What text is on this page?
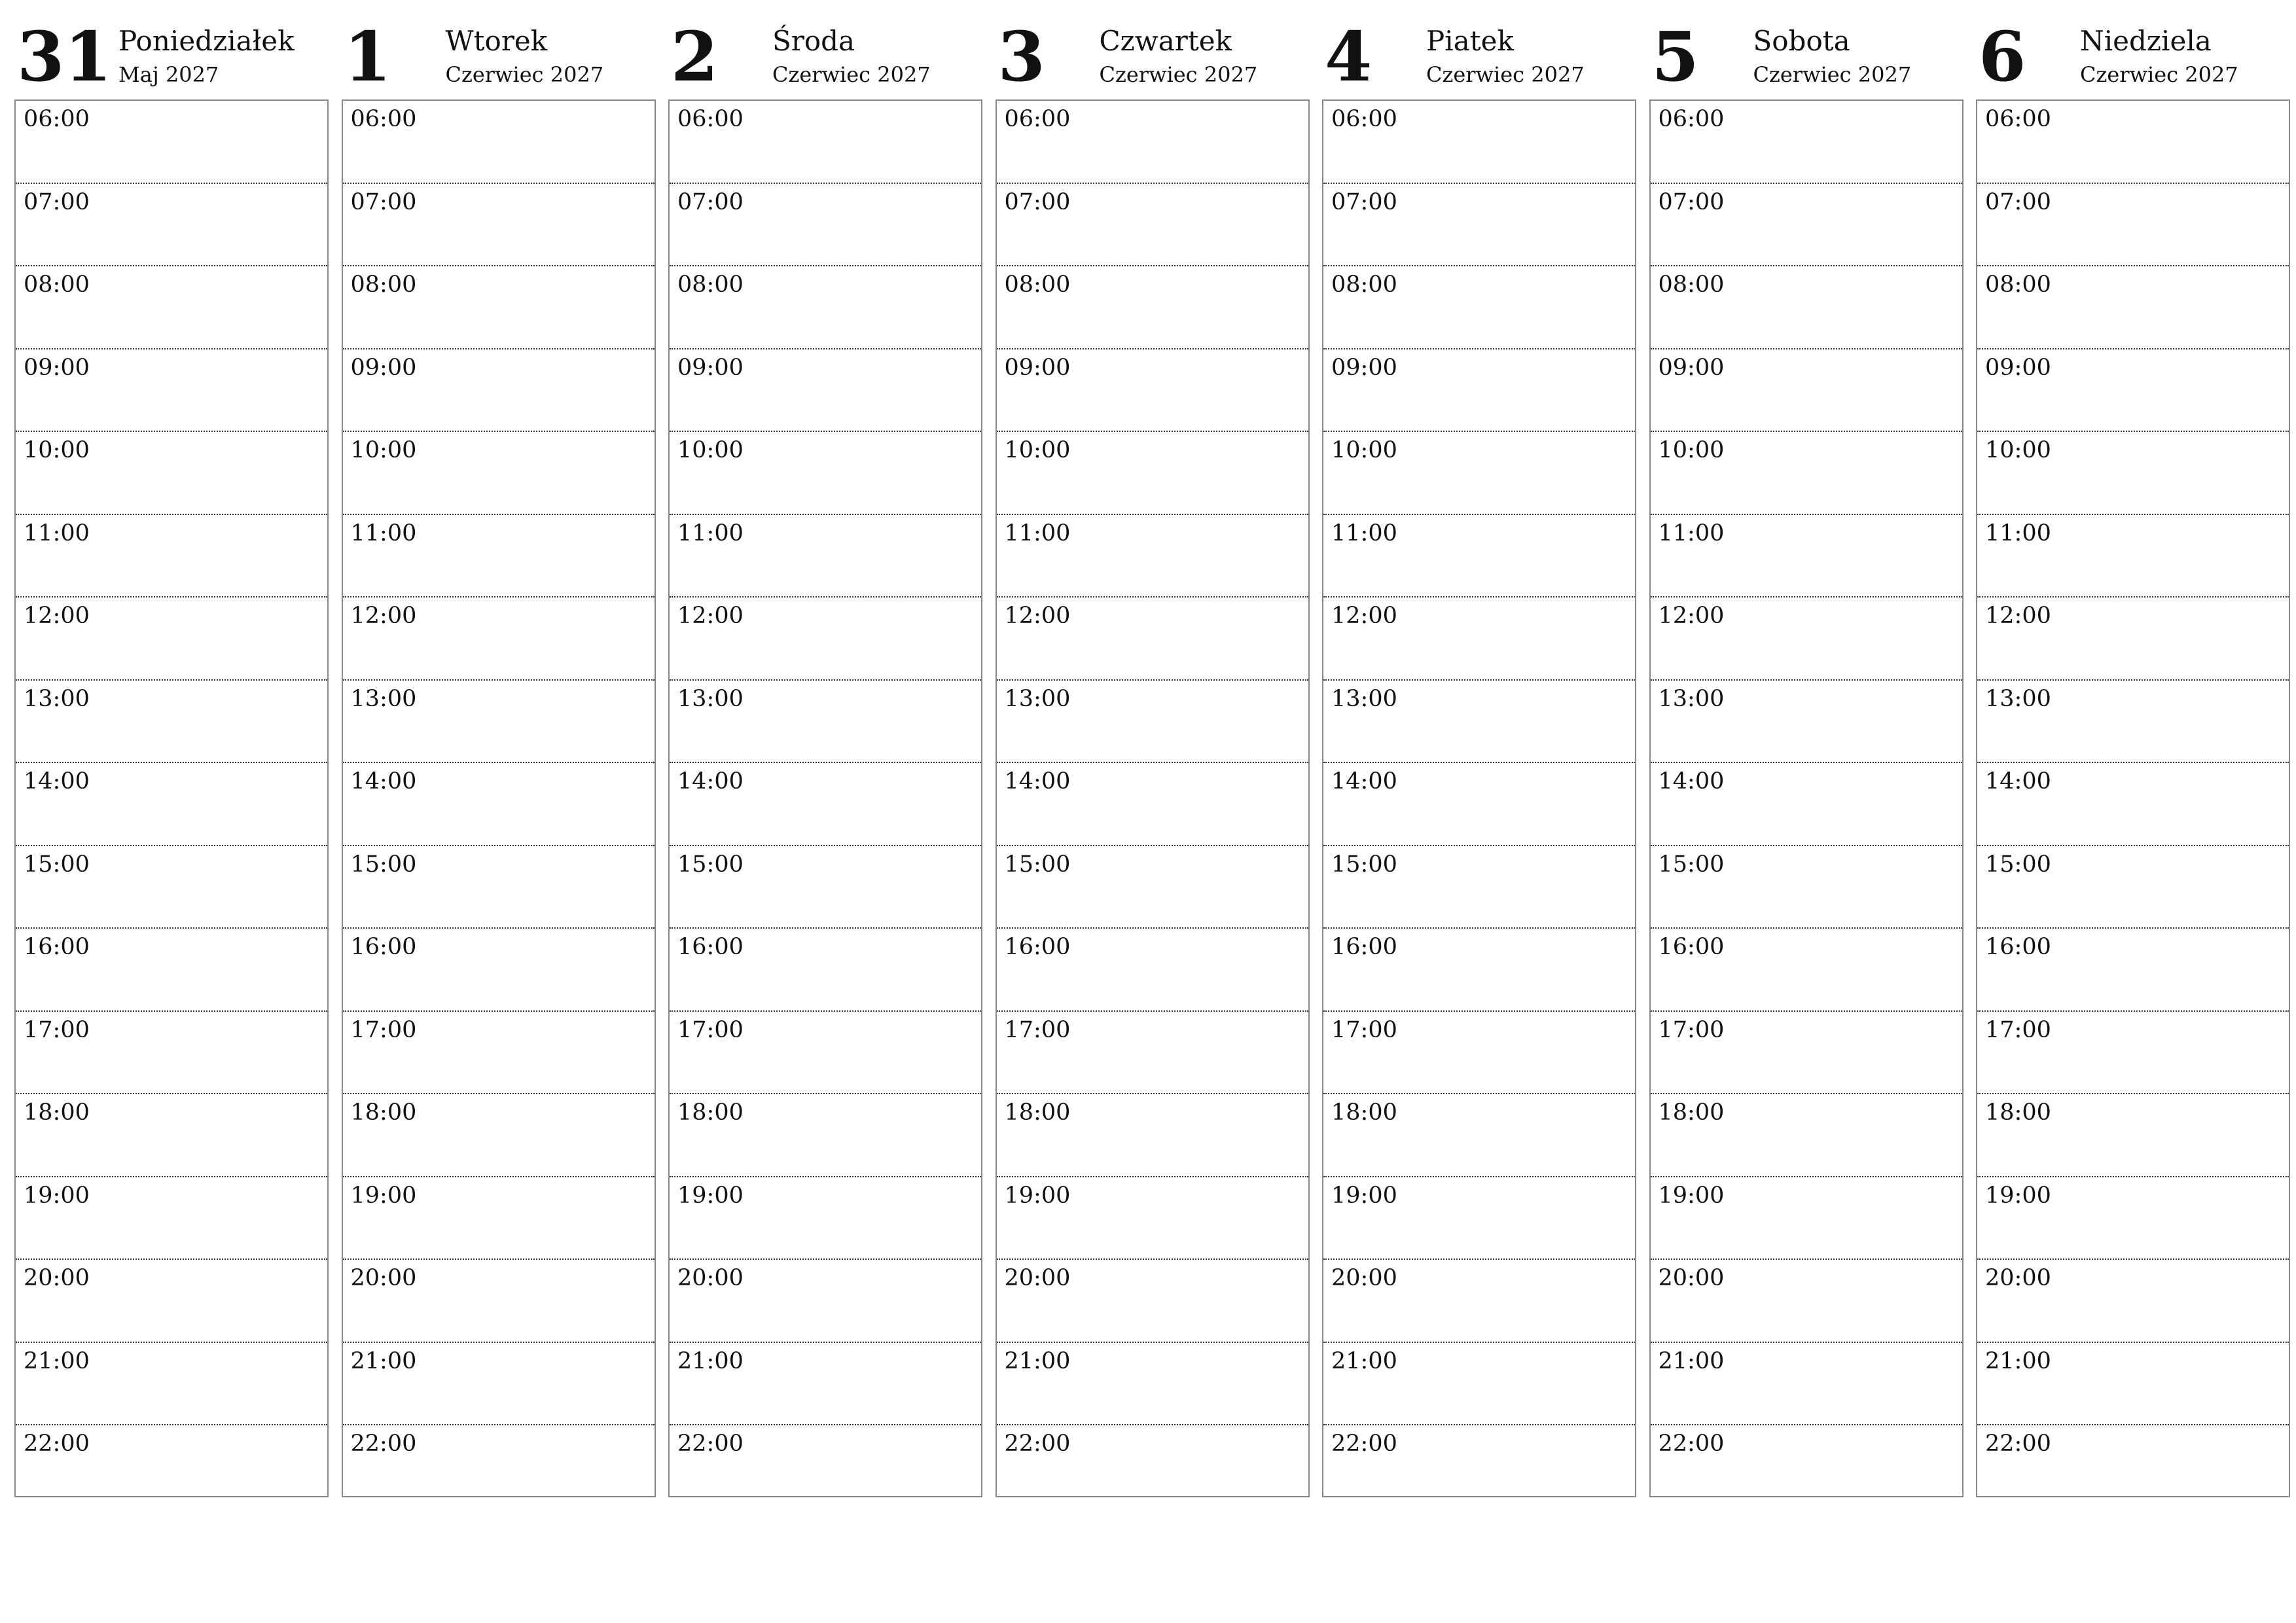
31 Poniedziałek
Maj 2027
06:00
07:00
08:00
09:00
10:00
11:00
12:00
13:00
14:00
15:00
16:00
17:00
18:00
19:00
20:00
21:00
22:00
1 Wtorek
Czerwiec 2027
06:00
07:00
08:00
09:00
10:00
11:00
12:00
13:00
14:00
15:00
16:00
17:00
18:00
19:00
20:00
21:00
22:00
2 Środa
Czerwiec 2027
06:00
07:00
08:00
09:00
10:00
11:00
12:00
13:00
14:00
15:00
16:00
17:00
18:00
19:00
20:00
21:00
22:00
3 Czwartek
Czerwiec 2027
06:00
07:00
08:00
09:00
10:00
11:00
12:00
13:00
14:00
15:00
16:00
17:00
18:00
19:00
20:00
21:00
22:00
4 Piatek
Czerwiec 2027
06:00
07:00
08:00
09:00
10:00
11:00
12:00
13:00
14:00
15:00
16:00
17:00
18:00
19:00
20:00
21:00
22:00
5 Sobota
Czerwiec 2027
06:00
07:00
08:00
09:00
10:00
11:00
12:00
13:00
14:00
15:00
16:00
17:00
18:00
19:00
20:00
21:00
22:00
6 Niedziela
Czerwiec 2027
06:00
07:00
08:00
09:00
10:00
11:00
12:00
13:00
14:00
15:00
16:00
17:00
18:00
19:00
20:00
21:00
22:00
